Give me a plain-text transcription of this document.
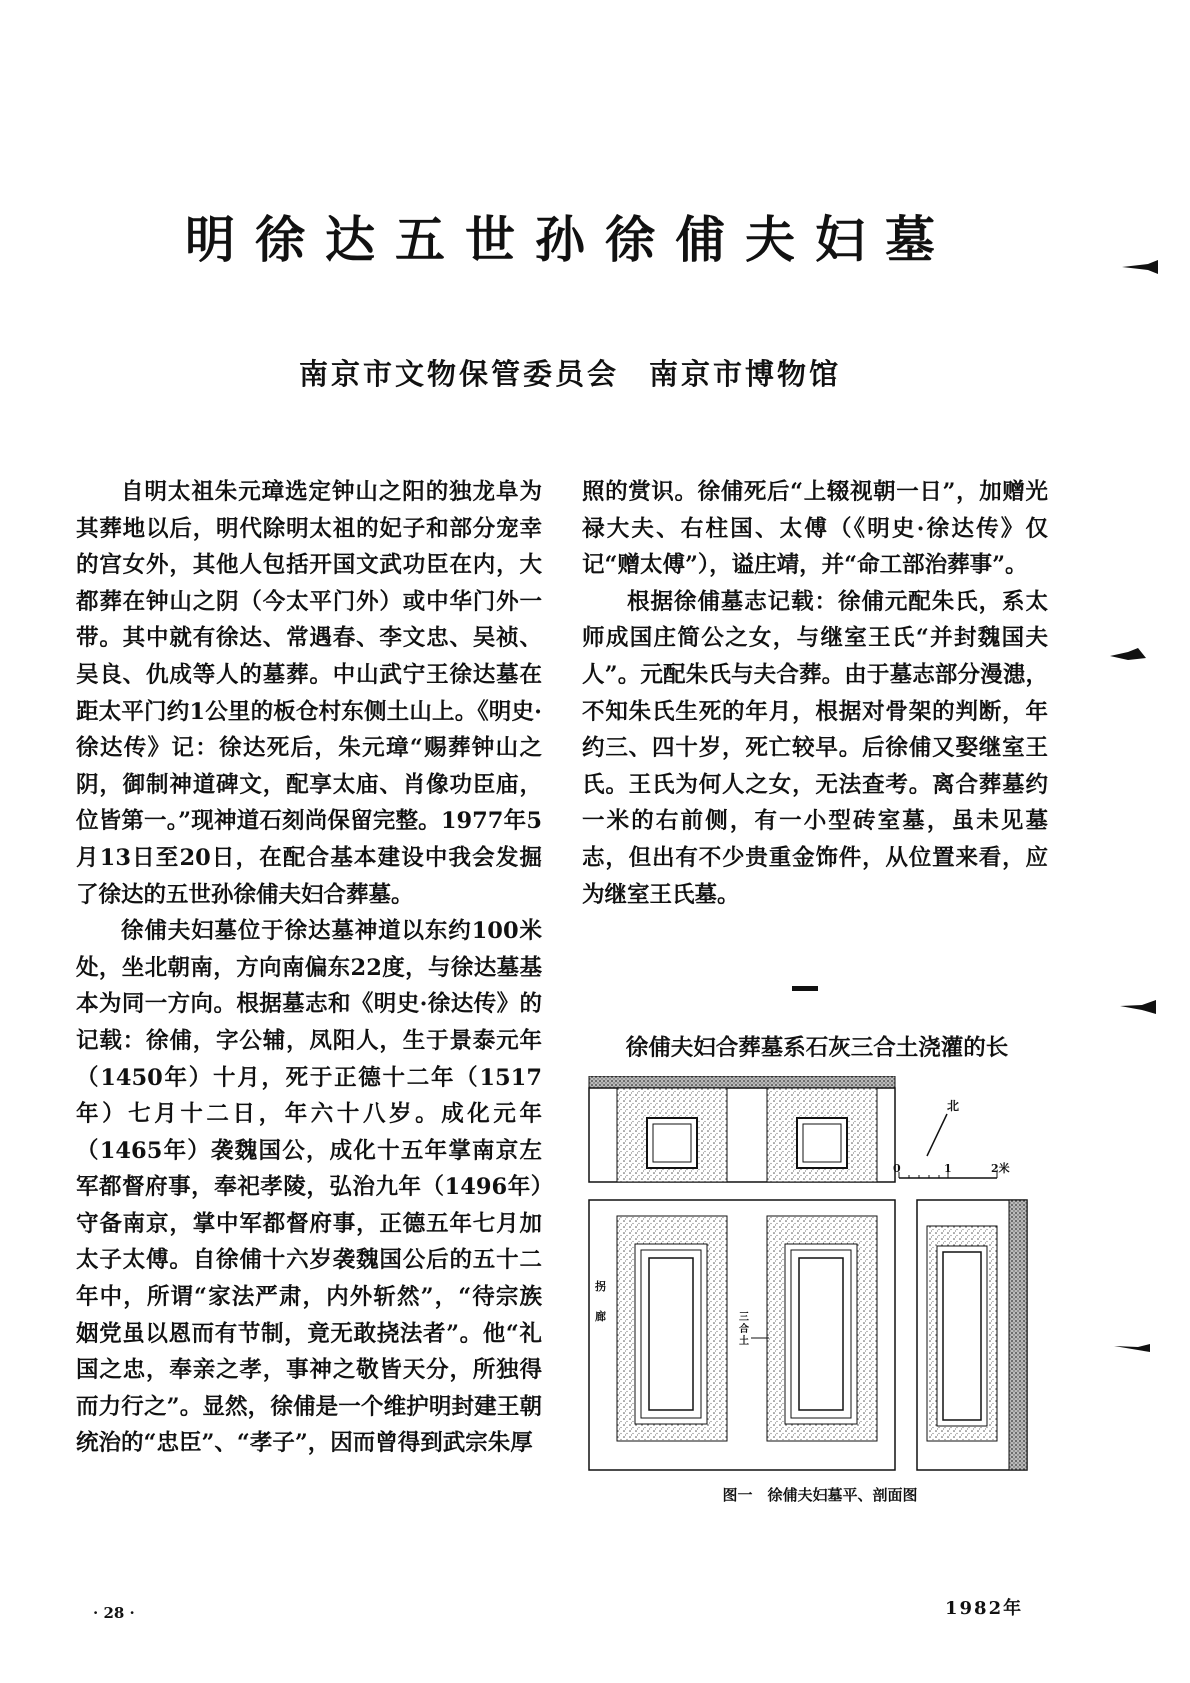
明徐达五世孙徐俌夫妇墓
南京市文物保管委员会 南京市博物馆

自明太祖朱元璋选定钟山之阳的独龙阜为其葬地以后，明代除明太祖的妃子和部分宠幸的宫女外，其他人包括开国文武功臣在内，大都葬在钟山之阴（今太平门外）或中华门外一带。其中就有徐达、常遇春、李文忠、吴祯、吴良、仇成等人的墓葬。中山武宁王徐达墓在距太平门约1公里的板仓村东侧土山上。《明史·徐达传》记：徐达死后，朱元璋“赐葬钟山之阴，御制神道碑文，配享太庙、肖像功臣庙，位皆第一。”现神道石刻尚保留完整。1977年5月13日至20日，在配合基本建设中我会发掘了徐达的五世孙徐俌夫妇合葬墓。

徐俌夫妇墓位于徐达墓神道以东约100米处，坐北朝南，方向南偏东22度，与徐达墓基本为同一方向。根据墓志和《明史·徐达传》的记载：徐俌，字公辅，凤阳人，生于景泰元年（1450年）十月，死于正德十二年（1517年）七月十二日，年六十八岁。成化元年（1465年）袭魏国公，成化十五年掌南京左军都督府事，奉祀孝陵，弘治九年（1496年）守备南京，掌中军都督府事，正德五年七月加太子太傅。自徐俌十六岁袭魏国公后的五十二年中，所谓“家法严肃，内外斩然”，“待宗族姻党虽以恩而有节制，竟无敢挠法者”。他“礼国之忠，奉亲之孝，事神之敬皆天分，所独得而力行之”。显然，徐俌是一个维护明封建王朝统治的“忠臣”、“孝子”，因而曾得到武宗朱厚

照的赏识。徐俌死后“上辍视朝一日”，加赠光禄大夫、右柱国、太傅（《明史·徐达传》仅记“赠太傅”），谥庄靖，并“命工部治葬事”。

根据徐俌墓志记载：徐俌元配朱氏，系太师成国庄简公之女，与继室王氏“并封魏国夫人”。元配朱氏与夫合葬。由于墓志部分漫漶，不知朱氏生死的年月，根据对骨架的判断，年约三、四十岁，死亡较早。后徐俌又娶继室王氏。王氏为何人之女，无法查考。离合葬墓约一米的右前侧，有一小型砖室墓，虽未见墓志，但出有不少贵重金饰件，从位置来看，应为继室王氏墓。

徐俌夫妇合葬墓系石灰三合土浇灌的长
北
0	1	2米
拐
廊	三
合
土
图一　徐俌夫妇墓平、剖面图
· 28 ·	1982年
